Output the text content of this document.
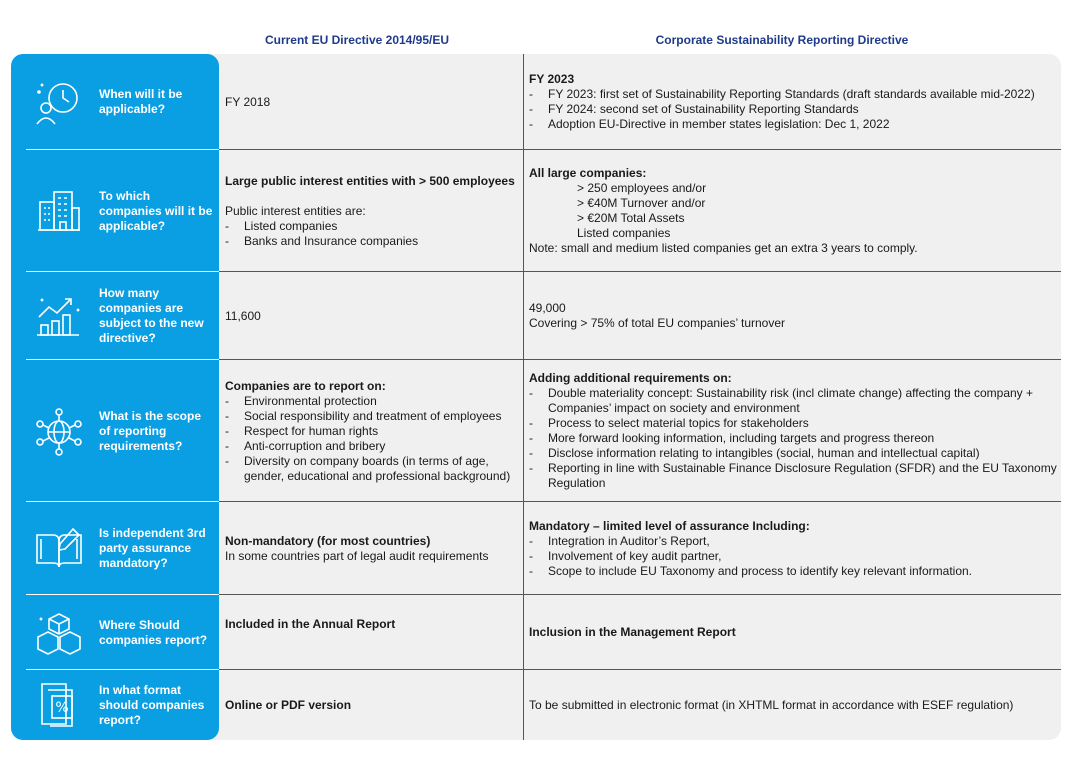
Current EU Directive 2014/95/EU	Corporate Sustainability Reporting Directive
When will it be applicable?
FY 2018
FY 2023
- FY 2023: first set of Sustainability Reporting Standards (draft standards available mid-2022)
- FY 2024: second set of Sustainability Reporting Standards
- Adoption EU-Directive in member states legislation: Dec 1, 2022
To which companies will it be applicable?
Large public interest entities with > 500 employees
Public interest entities are:
- Listed companies
- Banks and Insurance companies
All large companies:
> 250 employees and/or
> €40M Turnover and/or
> €20M Total Assets
Listed companies
Note: small and medium listed companies get an extra 3 years to comply.
How many companies are subject to the new directive?
11,600
49,000
Covering > 75% of total EU companies’ turnover
What is the scope of reporting requirements?
Companies are to report on:
- Environmental protection
- Social responsibility and treatment of employees
- Respect for human rights
- Anti-corruption and bribery
- Diversity on company boards (in terms of age, gender, educational and professional background)
Adding additional requirements on:
- Double materiality concept: Sustainability risk (incl climate change) affecting the company + Companies’ impact on society and environment
- Process to select material topics for stakeholders
- More forward looking information, including targets and progress thereon
- Disclose information relating to intangibles (social, human and intellectual capital)
- Reporting in line with Sustainable Finance Disclosure Regulation (SFDR) and the EU Taxonomy Regulation
Is independent 3rd party assurance mandatory?
Non-mandatory (for most countries)
In some countries part of legal audit requirements
Mandatory – limited level of assurance Including:
- Integration in Auditor’s Report,
- Involvement of key audit partner,
- Scope to include EU Taxonomy and process to identify key relevant information.
Where Should companies report?
Included in the Annual Report
Inclusion in the Management Report
%
In what format should companies report?
Online or PDF version	To be submitted in electronic format (in XHTML format in accordance with ESEF regulation)
